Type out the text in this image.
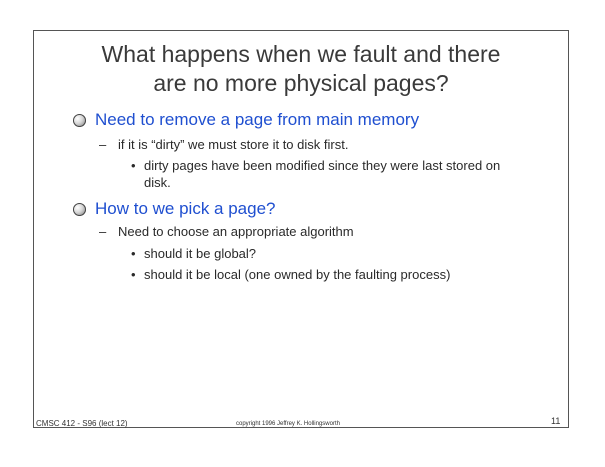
What happens when we fault and there
are no more physical pages?
Need to remove a page from main memory
– if it is “dirty” we must store it to disk first.
• dirty pages have been modified since they were last stored on disk.
How to we pick a page?
– Need to choose an appropriate algorithm
• should it be global?
• should it be local (one owned by the faulting process)
CMSC 412 - S96 (lect 12)	copyright 1996 Jeffrey K. Hollingsworth	11
